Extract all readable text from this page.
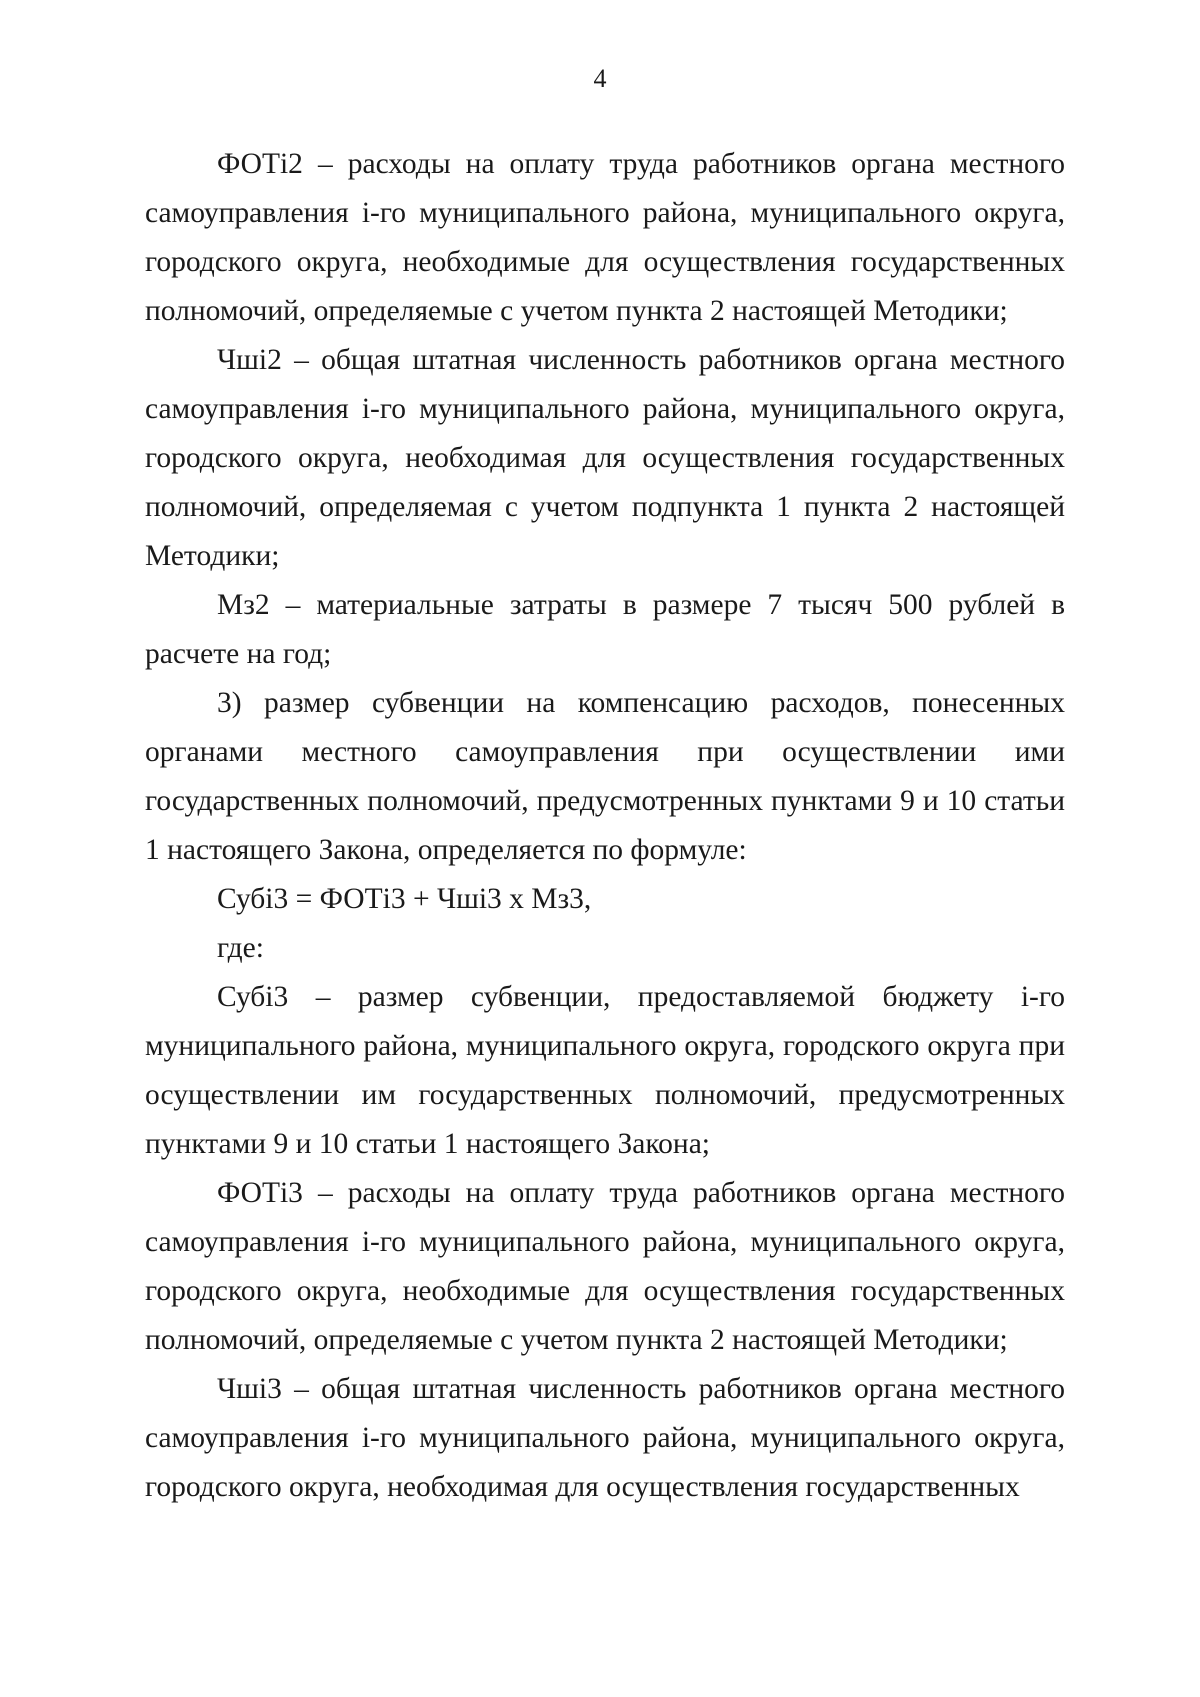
4

ФОТі2 – расходы на оплату труда работников органа местного самоуправления і-го муниципального района, муниципального округа, городского округа, необходимые для осуществления государственных полномочий, определяемые с учетом пункта 2 настоящей Методики;

Чші2 – общая штатная численность работников органа местного самоуправления і-го муниципального района, муниципального округа, городского округа, необходимая для осуществления государственных полномочий, определяемая с учетом подпункта 1 пункта 2 настоящей Методики;

Мз2 – материальные затраты в размере 7 тысяч 500 рублей в расчете на год;

3) размер субвенции на компенсацию расходов, понесенных органами местного самоуправления при осуществлении ими государственных полномочий, предусмотренных пунктами 9 и 10 статьи 1 настоящего Закона, определяется по формуле:

Субі3 = ФОТі3 + Чші3 х Мз3,

где:

Субі3 – размер субвенции, предоставляемой бюджету і-го муниципального района, муниципального округа, городского округа при осуществлении им государственных полномочий, предусмотренных пунктами 9 и 10 статьи 1 настоящего Закона;

ФОТі3 – расходы на оплату труда работников органа местного самоуправления і-го муниципального района, муниципального округа, городского округа, необходимые для осуществления государственных полномочий, определяемые с учетом пункта 2 настоящей Методики;

Чші3 – общая штатная численность работников органа местного самоуправления і-го муниципального района, муниципального округа, городского округа, необходимая для осуществления государственных
